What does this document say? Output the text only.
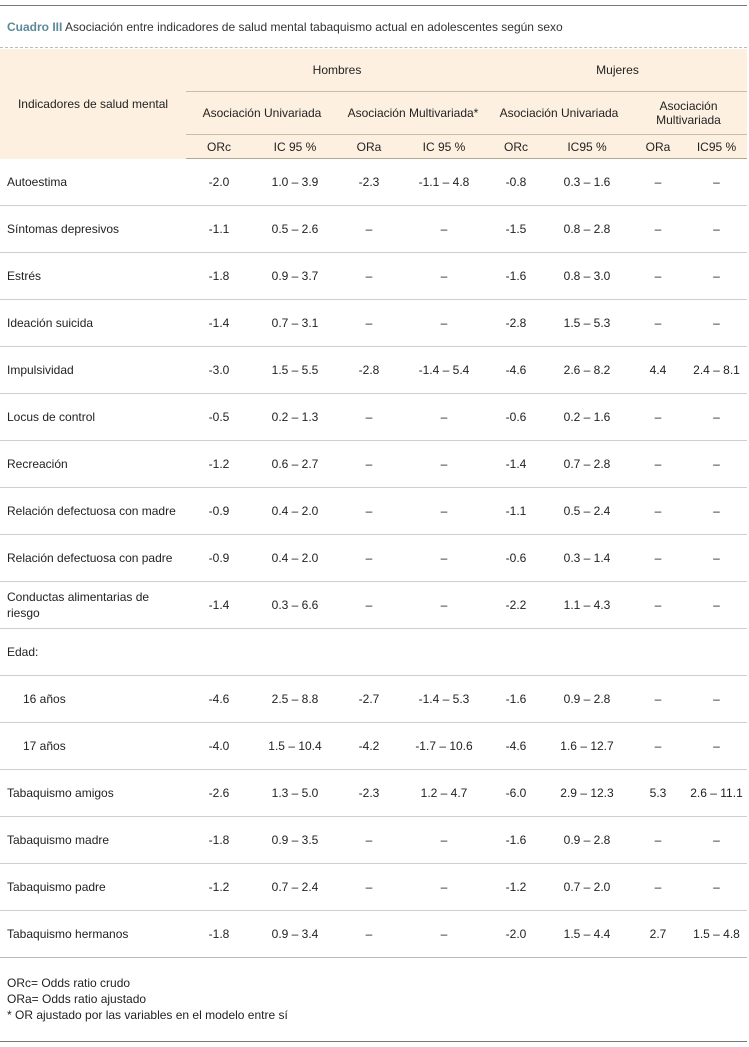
Cuadro III Asociación entre indicadores de salud mental tabaquismo actual en adolescentes según sexo
Indicadores de salud mental	Hombres				Mujeres			
	Asociación Univariada		Asociación Multivariada*		Asociación Univariada		Asociación Multivariada	
	ORc	IC 95 %	ORa	IC 95 %	ORc	IC95 %	ORa	IC95 %
Autoestima	-2.0	1.0 – 3.9	-2.3	-1.1 – 4.8	-0.8	0.3 – 1.6	–	–
Síntomas depresivos	-1.1	0.5 – 2.6	–	–	-1.5	0.8 – 2.8	–	–
Estrés	-1.8	0.9 – 3.7	–	–	-1.6	0.8 – 3.0	–	–
Ideación suicida	-1.4	0.7 – 3.1	–	–	-2.8	1.5 – 5.3	–	–
Impulsividad	-3.0	1.5 – 5.5	-2.8	-1.4 – 5.4	-4.6	2.6 – 8.2	4.4	2.4 – 8.1
Locus de control	-0.5	0.2 – 1.3	–	–	-0.6	0.2 – 1.6	–	–
Recreación	-1.2	0.6 – 2.7	–	–	-1.4	0.7 – 2.8	–	–
Relación defectuosa con madre	-0.9	0.4 – 2.0	–	–	-1.1	0.5 – 2.4	–	–
Relación defectuosa con padre	-0.9	0.4 – 2.0	–	–	-0.6	0.3 – 1.4	–	–
Conductas alimentarias de riesgo	-1.4	0.3 – 6.6	–	–	-2.2	1.1 – 4.3	–	–
Edad:								
16 años	-4.6	2.5 – 8.8	-2.7	-1.4 – 5.3	-1.6	0.9 – 2.8	–	–
17 años	-4.0	1.5 – 10.4	-4.2	-1.7 – 10.6	-4.6	1.6 – 12.7	–	–
Tabaquismo amigos	-2.6	1.3 – 5.0	-2.3	1.2 – 4.7	-6.0	2.9 – 12.3	5.3	2.6 – 11.1
Tabaquismo madre	-1.8	0.9 – 3.5	–	–	-1.6	0.9 – 2.8	–	–
Tabaquismo padre	-1.2	0.7 – 2.4	–	–	-1.2	0.7 – 2.0	–	–
Tabaquismo hermanos	-1.8	0.9 – 3.4	–	–	-2.0	1.5 – 4.4	2.7	1.5 – 4.8
ORc= Odds ratio crudo
ORa= Odds ratio ajustado
* OR ajustado por las variables en el modelo entre sí
